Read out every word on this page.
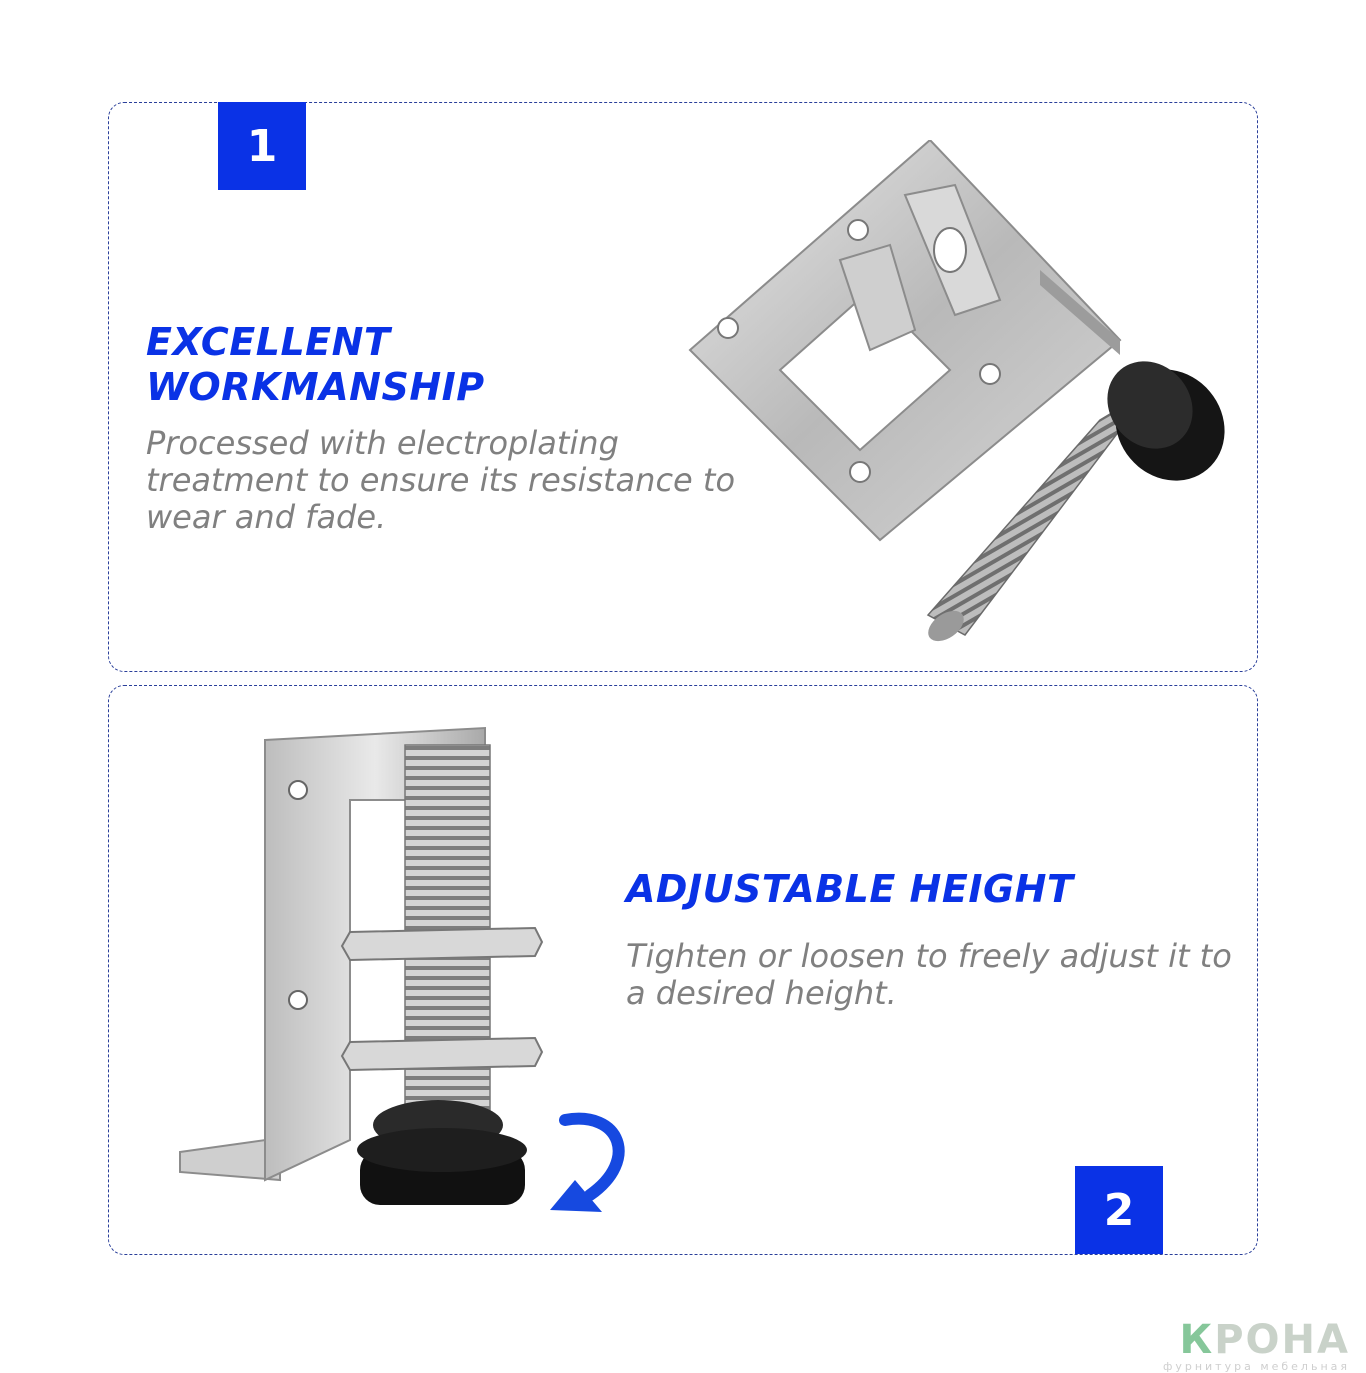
1
EXCELLENT
WORKMANSHIP
Processed with electroplating treatment to ensure its resistance to wear and fade.
2
ADJUSTABLE HEIGHT
Tighten or loosen to freely adjust it to a desired height.
КРОНА
фурнитура мебельная
